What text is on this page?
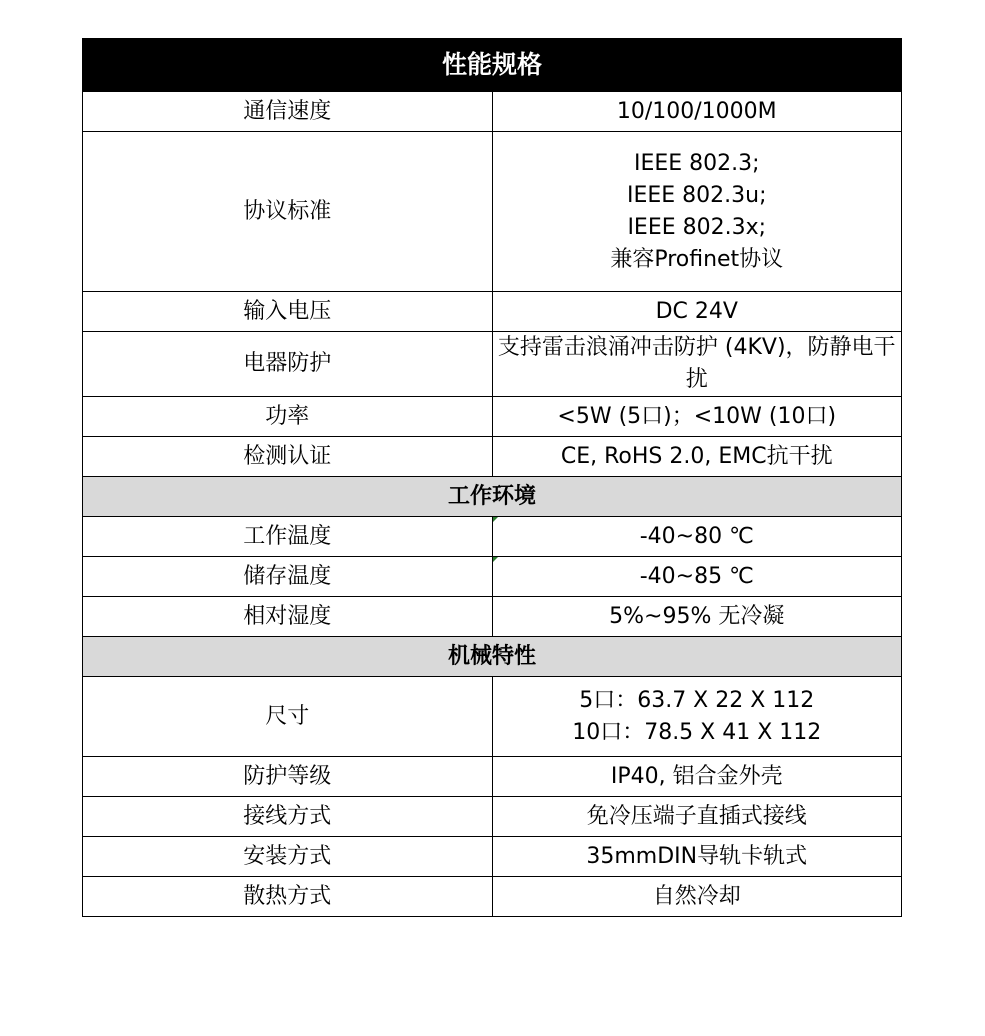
性能规格	
通信速度	10/100/1000M
协议标准	IEEE 802.3;
IEEE 802.3u;
IEEE 802.3x;
兼容Profinet协议

输入电压	DC 24V
电器防护	支持雷击浪涌冲击防护 (4KV)，防静电干扰
功率	<5W (5口)；<10W (10口)
检测认证	CE, RoHS 2.0, EMC抗干扰
工作环境	
工作温度	-40~80 ℃
储存温度	-40~85 ℃
相对湿度	5%~95% 无冷凝
机械特性	
尺寸	5口：63.7 X 22 X 112
10口：78.5 X 41 X 112

防护等级	IP40, 铝合金外壳
接线方式	免冷压端子直插式接线
安装方式	35mmDIN导轨卡轨式
散热方式	自然冷却
